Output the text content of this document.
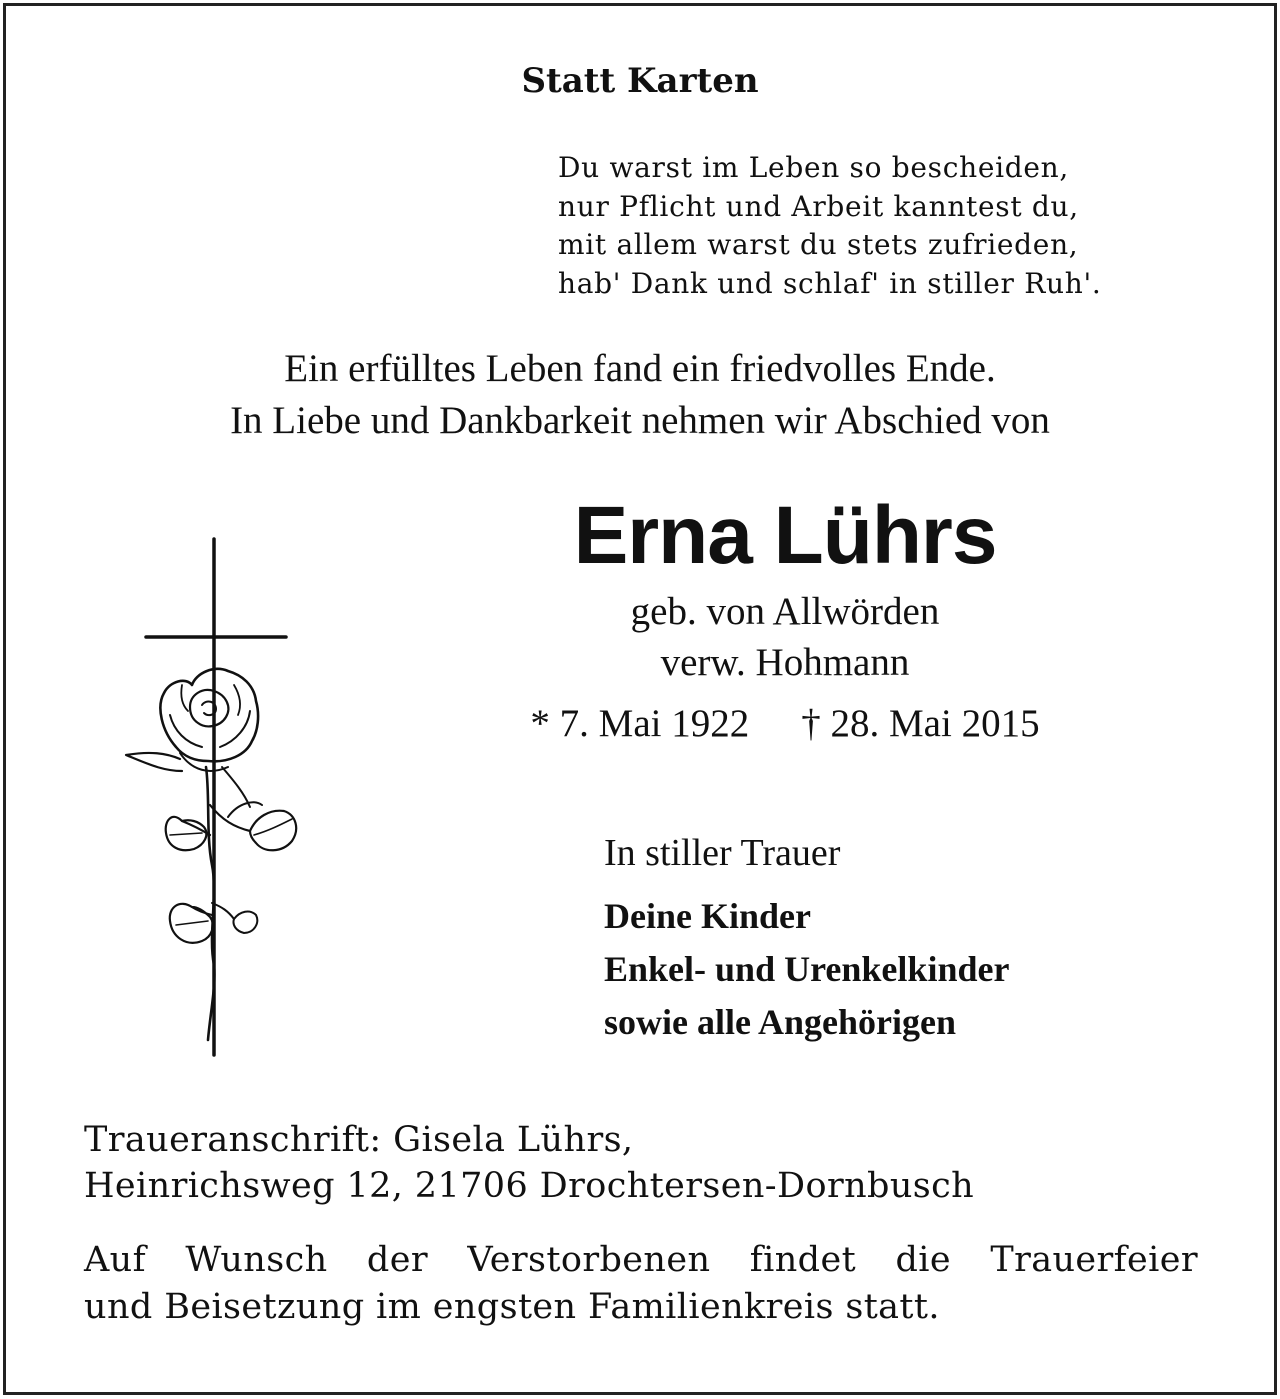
Statt Karten
Du warst im Leben so bescheiden,
nur Pflicht und Arbeit kanntest du,
mit allem warst du stets zufrieden,
hab' Dank und schlaf' in stiller Ruh'.
Ein erfülltes Leben fand ein friedvolles Ende.
In Liebe und Dankbarkeit nehmen wir Abschied von
Erna Lührs
geb. von Allwörden
verw. Hohmann
* 7. Mai 1922 † 28. Mai 2015
In stiller Trauer
Deine Kinder
Enkel- und Urenkelkinder
sowie alle Angehörigen
Traueranschrift: Gisela Lührs,
Heinrichsweg 12, 21706 Drochtersen-Dornbusch
Auf Wunsch der Verstorbenen findet die Trauerfeier
und Beisetzung im engsten Familienkreis statt.
